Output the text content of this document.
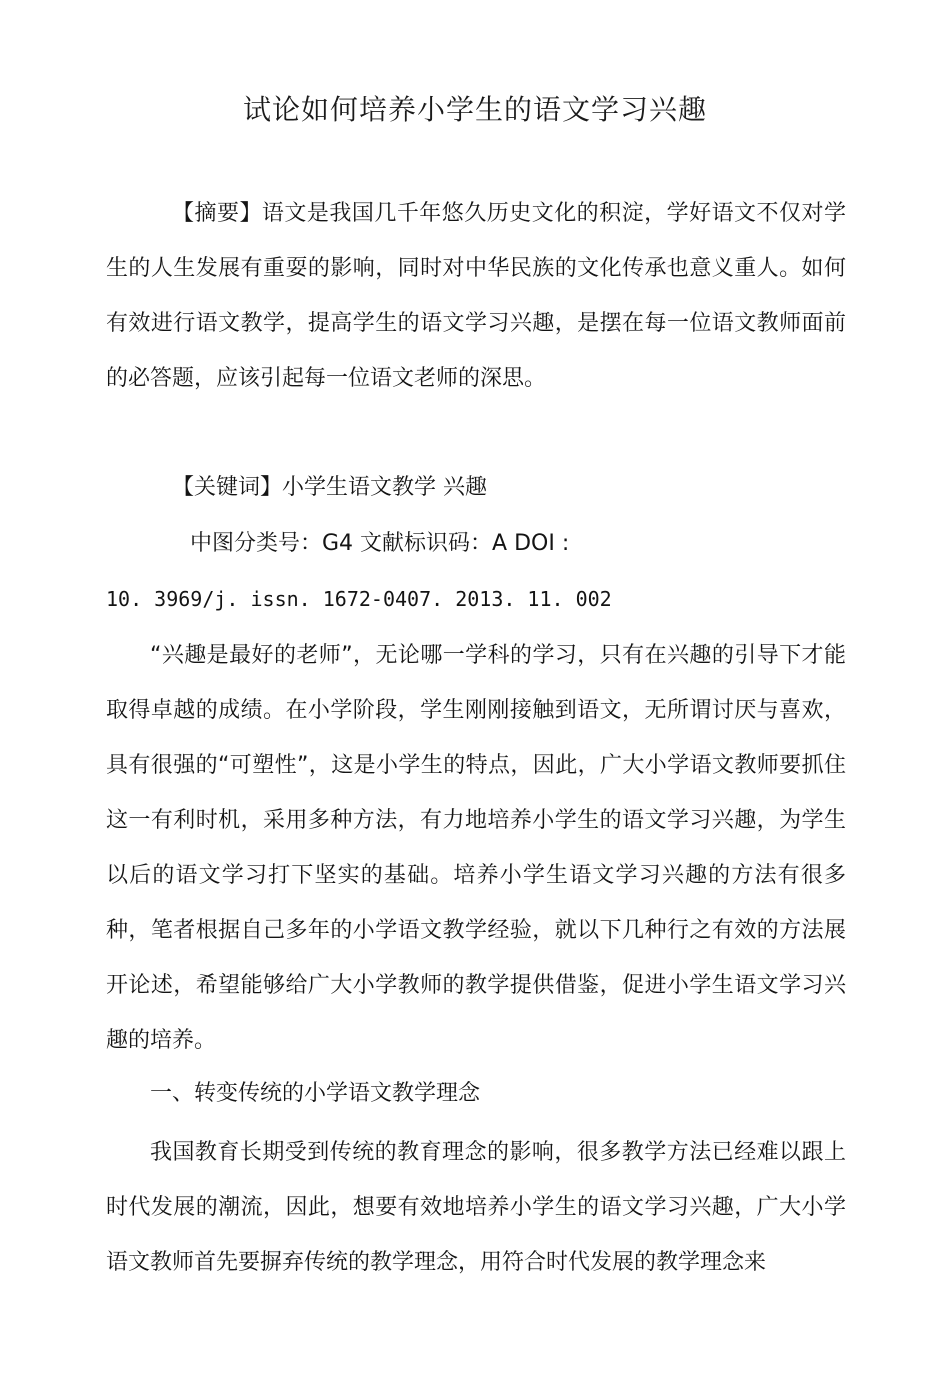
试论如何培养小学生的语文学习兴趣

【摘要】语文是我国几千年悠久历史文化的积淀，学好语文不仅对学生的人生发展有重耍的影响，同时对中华民族的文化传承也意义重人。如何有效进行语文教学，提高学生的语文学习兴趣，是摆在每一位语文教师面前的必答题，应该引起每一位语文老师的深思。

【关键词】小学生语文教学 兴趣

中图分类号：G4 文献标识码：A DOI :

10. 3969/j. issn. 1672-0407. 2013. 11. 002

“兴趣是最好的老师”，无论哪一学科的学习，只有在兴趣的引导下才能取得卓越的成绩。在小学阶段，学生刚刚接触到语文，无所谓讨厌与喜欢，具有很强的“可塑性”，这是小学生的特点，因此，广大小学语文教师要抓住这一有利时机，采用多种方法，有力地培养小学生的语文学习兴趣，为学生以后的语文学习打下坚实的基础。培养小学生语文学习兴趣的方法有很多种，笔者根据自己多年的小学语文教学经验，就以下几种行之有效的方法展开论述，希望能够给广大小学教师的教学提供借鉴，促进小学生语文学习兴趣的培养。

一、转变传统的小学语文教学理念

我国教育长期受到传统的教育理念的影响，很多教学方法已经难以跟上时代发展的潮流，因此，想要有效地培养小学生的语文学习兴趣，广大小学语文教师首先要摒弃传统的教学理念，用符合时代发展的教学理念来
